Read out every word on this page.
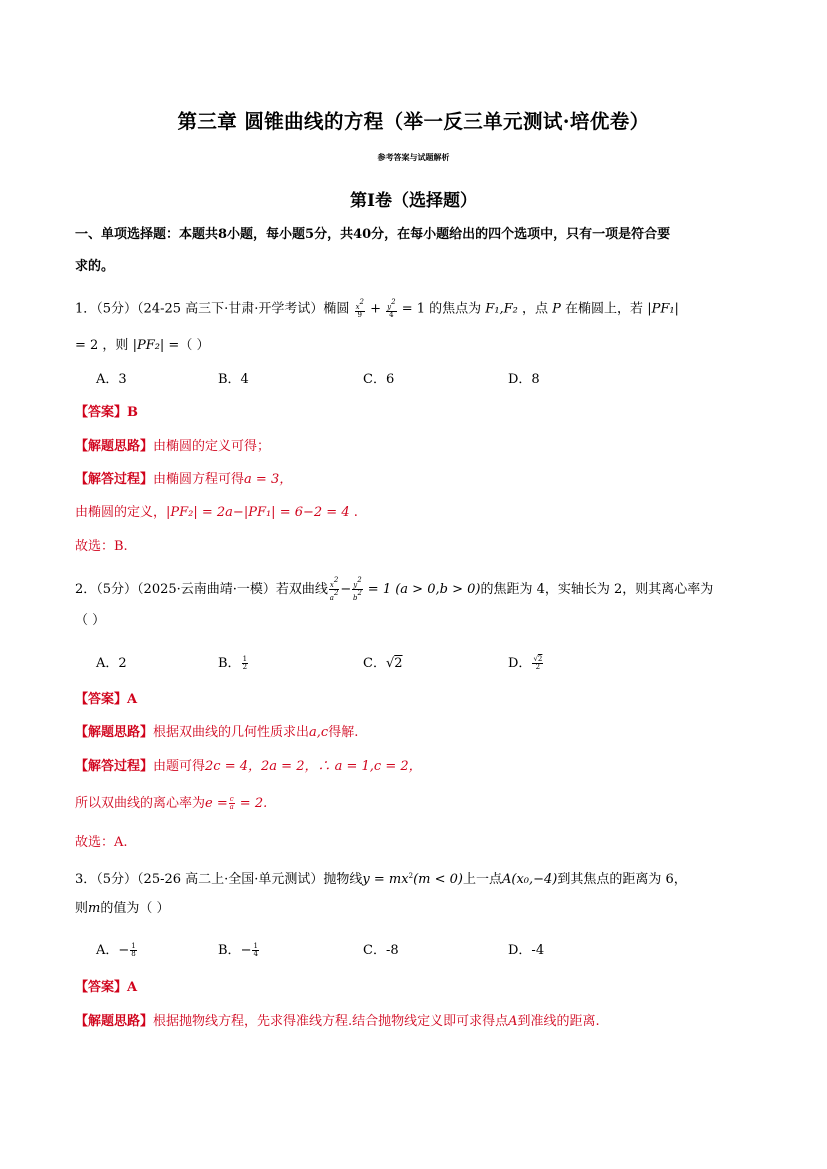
第三章 圆锥曲线的方程（举一反三单元测试·培优卷）
参考答案与试题解析
第Ⅰ卷（选择题）
一、单项选择题：本题共8小题，每小题5分，共40分，在每小题给出的四个选项中，只有一项是符合要
求的。
1．（5分）（24-25 高三下·甘肃·开学考试）椭圆 $\frac{x^2}{9} + \frac{y^2}{4} = 1$ 的焦点为 F₁,F₂ ，点 P 在椭圆上，若 |PF₁|
= 2 ，则 |PF₂| =（ ）
A．3	B．4	C．6	D．8
【答案】B
【解题思路】由椭圆的定义可得；
【解答过程】由椭圆方程可得a = 3，
由椭圆的定义，|PF₂| = 2a−|PF₁| = 6−2 = 4 .
故选：B.
2．（5分）（2025·云南曲靖·一模）若双曲线 $\frac{x^2}{a^2} - \frac{y^2}{b^2} = 1$ (a > 0,b > 0)的焦距为 4，实轴长为 2，则其离心率为
（ ）
A．2	B． $\frac{1}{2}$	C．√2	D． $\frac{√2}{2}$
【答案】A
【解题思路】根据双曲线的几何性质求出a,c得解.
【解答过程】由题可得2c = 4，2a = 2，∴ a = 1,c = 2，
所以双曲线的离心率为$e = \frac{c}{a} = 2$.
故选：A.
3．（5分）（25-26 高二上·全国·单元测试）抛物线$y = mx^2(m < 0)$上一点A(x₀,−4)到其焦点的距离为 6，
则m的值为（ ）
A．− $\frac{1}{8}$	B．− $\frac{1}{4}$	C．-8	D．-4
【答案】A
【解题思路】根据抛物线方程，先求得准线方程.结合抛物线定义即可求得点A到准线的距离.
